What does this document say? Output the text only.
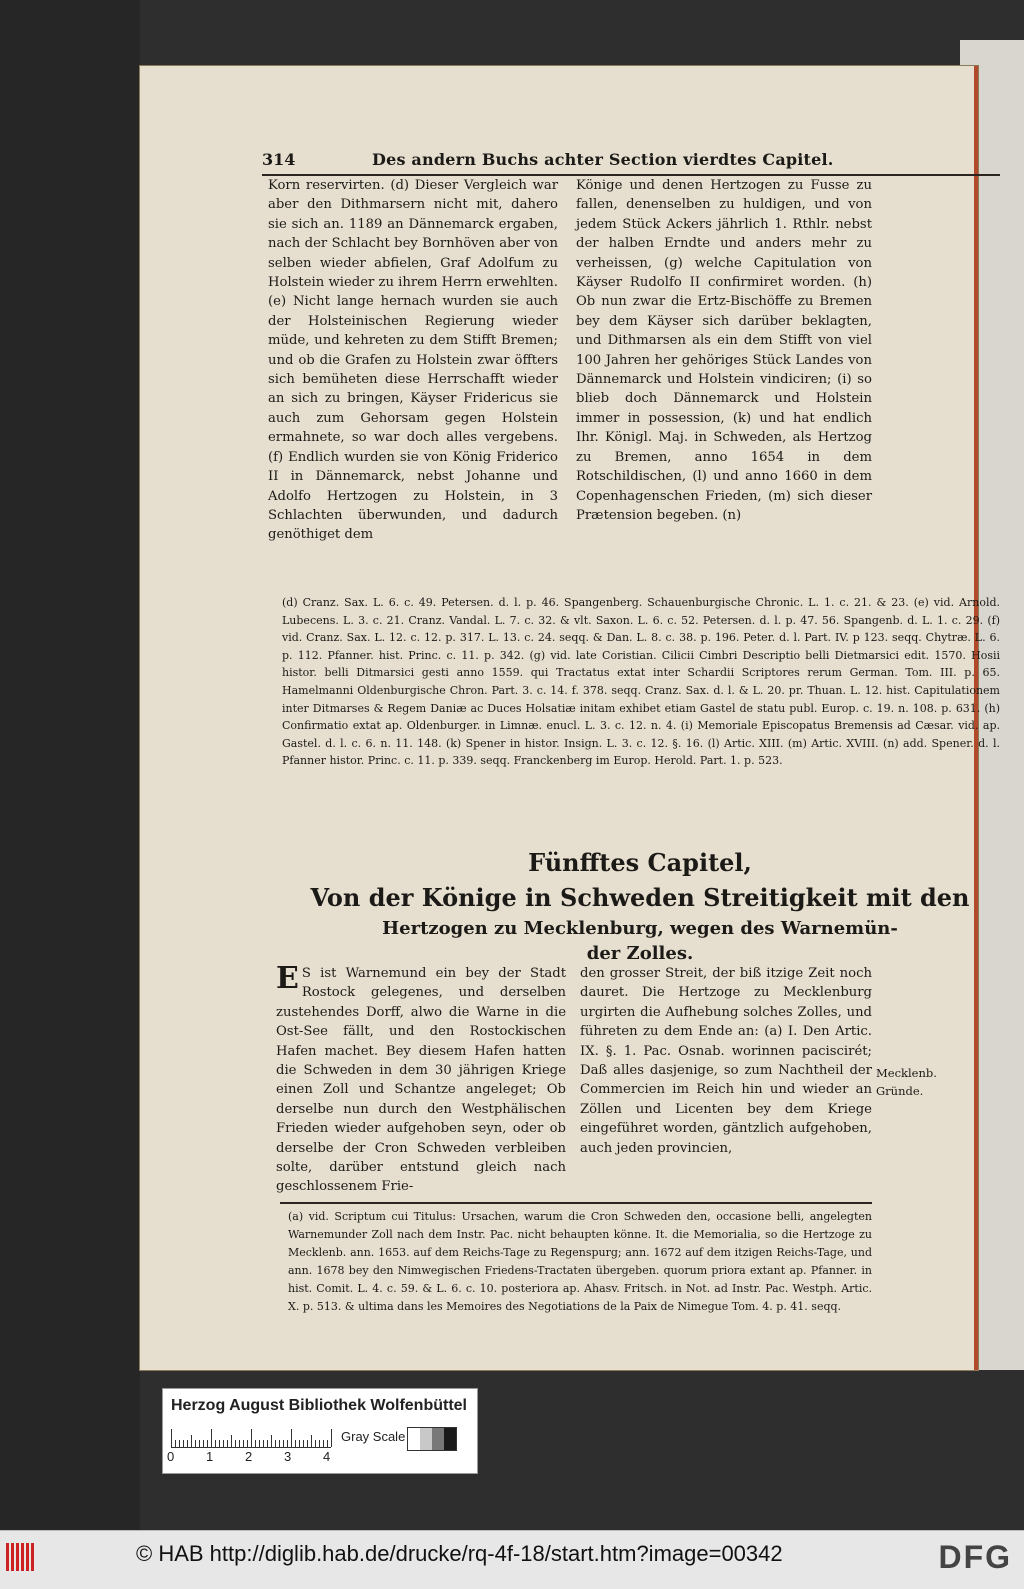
314	Des andern Buchs achter Section vierdtes Capitel.

Korn reservirten. (d) Dieser Vergleich war aber den Dithmarsern nicht mit, dahero sie sich an. 1189 an Dännemarck ergaben, nach der Schlacht bey Bornhöven aber von selben wieder abfielen, Graf Adolfum zu Holstein wieder zu ihrem Herrn erwehlten. (e) Nicht lange hernach wurden sie auch der Holsteinischen Regierung wieder müde, und kehreten zu dem Stifft Bremen; und ob die Grafen zu Holstein zwar öffters sich bemüheten diese Herrschafft wieder an sich zu bringen, Käyser Fridericus sie auch zum Gehorsam gegen Holstein ermahnete, so war doch alles vergebens. (f) Endlich wurden sie von König Friderico II in Dännemarck, nebst Johanne und Adolfo Hertzogen zu Holstein, in 3 Schlachten überwunden, und dadurch genöthiget dem

Könige und denen Hertzogen zu Fusse zu fallen, denenselben zu huldigen, und von jedem Stück Ackers jährlich 1. Rthlr. nebst der halben Erndte und anders mehr zu verheissen, (g) welche Capitulation von Käyser Rudolfo II confirmiret worden. (h) Ob nun zwar die Ertz-Bischöffe zu Bremen bey dem Käyser sich darüber beklagten, und Dithmarsen als ein dem Stifft von viel 100 Jahren her gehöriges Stück Landes von Dännemarck und Holstein vindiciren; (i) so blieb doch Dännemarck und Holstein immer in possession, (k) und hat endlich Ihr. Königl. Maj. in Schweden, als Hertzog zu Bremen, anno 1654 in dem Rotschildischen, (l) und anno 1660 in dem Copenhagenschen Frieden, (m) sich dieser Prætension begeben. (n)

(d) Cranz. Sax. L. 6. c. 49. Petersen. d. l. p. 46. Spangenberg. Schauenburgische Chronic. L. 1. c. 21. & 23. (e) vid. Arnold. Lubecens. L. 3. c. 21. Cranz. Vandal. L. 7. c. 32. & vlt. Saxon. L. 6. c. 52. Petersen. d. l. p. 47. 56. Spangenb. d. L. 1. c. 29. (f) vid. Cranz. Sax. L. 12. c. 12. p. 317. L. 13. c. 24. seqq. & Dan. L. 8. c. 38. p. 196. Peter. d. l. Part. IV. p 123. seqq. Chytræ. L. 6. p. 112. Pfanner. hist. Princ. c. 11. p. 342. (g) vid. late Coristian. Cilicii Cimbri Descriptio belli Dietmarsici edit. 1570. Hosii histor. belli Ditmarsici gesti anno 1559. qui Tractatus extat inter Schardii Scriptores rerum German. Tom. III. p. 65. Hamelmanni Oldenburgische Chron. Part. 3. c. 14. f. 378. seqq. Cranz. Sax. d. l. & L. 20. pr. Thuan. L. 12. hist. Capitulationem inter Ditmarses & Regem Daniæ ac Duces Holsatiæ initam exhibet etiam Gastel de statu publ. Europ. c. 19. n. 108. p. 631. (h) Confirmatio extat ap. Oldenburger. in Limnæ. enucl. L. 3. c. 12. n. 4. (i) Memoriale Episcopatus Bremensis ad Cæsar. vid. ap. Gastel. d. l. c. 6. n. 11. 148. (k) Spener in histor. Insign. L. 3. c. 12. §. 16. (l) Artic. XIII. (m) Artic. XVIII. (n) add. Spener. d. l. Pfanner histor. Princ. c. 11. p. 339. seqq. Franckenberg im Europ. Herold. Part. 1. p. 523.

Fünfftes Capitel,
Von der Könige in Schweden Streitigkeit mit den
Hertzogen zu Mecklenburg, wegen des Warnemün-
der Zolles.
E S ist Warnemund ein bey der Stadt Rostock gelegenes, und derselben zustehendes Dorff, alwo die Warne in die Ost-See fällt, und den Rostockischen Hafen machet. Bey diesem Hafen hatten die Schweden in dem 30 jährigen Kriege einen Zoll und Schantze angeleget; Ob derselbe nun durch den Westphälischen Frieden wieder aufgehoben seyn, oder ob derselbe der Cron Schweden verbleiben solte, darüber entstund gleich nach geschlossenem Frie-

den grosser Streit, der biß itzige Zeit noch dauret. Die Hertzoge zu Mecklenburg urgirten die Aufhebung solches Zolles, und führeten zu dem Ende an: (a) I. Den Artic. IX. §. 1. Pac. Osnab. worinnen paciscirét; Daß alles dasjenige, so zum Nachtheil der Commercien im Reich hin und wieder an Zöllen und Licenten bey dem Kriege eingeführet worden, gäntzlich aufgehoben, auch jeden provincien,

Mecklenb. Gründe.

(a) vid. Scriptum cui Titulus: Ursachen, warum die Cron Schweden den, occasione belli, angelegten Warnemunder Zoll nach dem Instr. Pac. nicht behaupten könne. It. die Memorialia, so die Hertzoge zu Mecklenb. ann. 1653. auf dem Reichs-Tage zu Regenspurg; ann. 1672 auf dem itzigen Reichs-Tage, und ann. 1678 bey den Nimwegischen Friedens-Tractaten übergeben. quorum priora extant ap. Pfanner. in hist. Comit. L. 4. c. 59. & L. 6. c. 10. posteriora ap. Ahasv. Fritsch. in Not. ad Instr. Pac. Westph. Artic. X. p. 513. & ultima dans les Memoires des Negotiations de la Paix de Nimegue Tom. 4. p. 41. seqq.

Herzog August Bibliothek Wolfenbüttel
0 1 2 3 4
Gray Scale
© HAB http://diglib.hab.de/drucke/rq-4f-18/start.htm?image=00342	DFG
